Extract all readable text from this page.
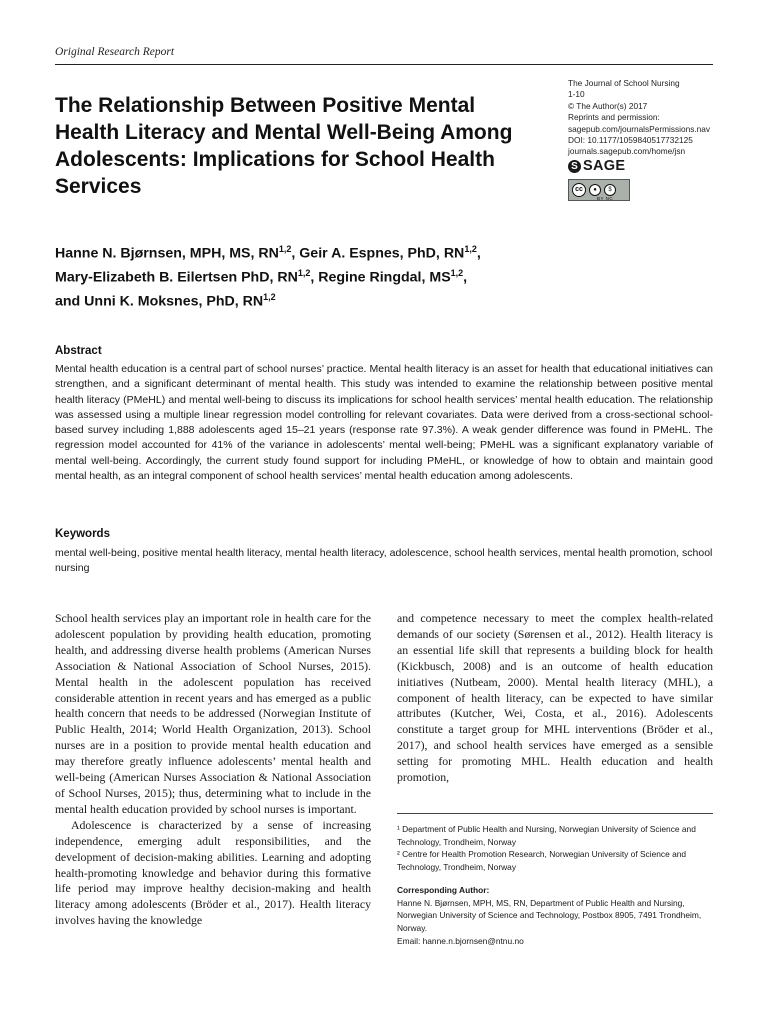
Original Research Report
The Relationship Between Positive Mental Health Literacy and Mental Well-Being Among Adolescents: Implications for School Health Services
The Journal of School Nursing
1-10
© The Author(s) 2017
Reprints and permission:
sagepub.com/journalsPermissions.nav
DOI: 10.1177/1059840517732125
journals.sagepub.com/home/jsn
S SAGE
cc	●	$
BY NC

Hanne N. Bjørnsen, MPH, MS, RN$^{1,2}$, Geir A. Espnes, PhD, RN$^{1,2}$,
Mary-Elizabeth B. Eilertsen PhD, RN$^{1,2}$, Regine Ringdal, MS$^{1,2}$,
and Unni K. Moksnes, PhD, RN$^{1,2}$

Abstract

Mental health education is a central part of school nurses’ practice. Mental health literacy is an asset for health that educational initiatives can strengthen, and a significant determinant of mental health. This study was intended to examine the relationship between positive mental health literacy (PMeHL) and mental well-being to discuss its implications for school health services’ mental health education. The relationship was assessed using a multiple linear regression model controlling for relevant covariates. Data were derived from a cross-sectional school-based survey including 1,888 adolescents aged 15–21 years (response rate 97.3%). A weak gender difference was found in PMeHL. The regression model accounted for 41% of the variance in adolescents’ mental well-being; PMeHL was a significant explanatory variable of mental well-being. Accordingly, the current study found support for including PMeHL, or knowledge of how to obtain and maintain good mental health, as an integral component of school health services’ mental health education among adolescents.

Keywords

mental well-being, positive mental health literacy, mental health literacy, adolescence, school health services, mental health promotion, school nursing

School health services play an important role in health care for the adolescent population by providing health education, promoting health, and addressing diverse health problems (American Nurses Association & National Association of School Nurses, 2015). Mental health in the adolescent population has received considerable attention in recent years and has emerged as a public health concern that needs to be addressed (Norwegian Institute of Public Health, 2014; World Health Organization, 2013). School nurses are in a position to provide mental health education and may therefore greatly influence adolescents’ mental health and well-being (American Nurses Association & National Association of School Nurses, 2015); thus, determining what to include in the mental health education provided by school nurses is important.

Adolescence is characterized by a sense of increasing independence, emerging adult responsibilities, and the development of decision-making abilities. Learning and adopting health-promoting knowledge and behavior during this formative life period may improve healthy decision-making and health literacy among adolescents (Bröder et al., 2017). Health literacy involves having the knowledge

and competence necessary to meet the complex health-related demands of our society (Sørensen et al., 2012). Health literacy is an essential life skill that represents a building block for health (Kickbusch, 2008) and is an outcome of health education initiatives (Nutbeam, 2000). Mental health literacy (MHL), a component of health literacy, can be expected to have similar attributes (Kutcher, Wei, Costa, et al., 2016). Adolescents constitute a target group for MHL interventions (Bröder et al., 2017), and school health services have emerged as a sensible setting for promoting MHL. Health education and health promotion,

¹ Department of Public Health and Nursing, Norwegian University of Science and Technology, Trondheim, Norway

² Centre for Health Promotion Research, Norwegian University of Science and Technology, Trondheim, Norway

Corresponding Author:

Hanne N. Bjørnsen, MPH, MS, RN, Department of Public Health and Nursing, Norwegian University of Science and Technology, Postbox 8905, 7491 Trondheim, Norway.

Email: hanne.n.bjornsen@ntnu.no
